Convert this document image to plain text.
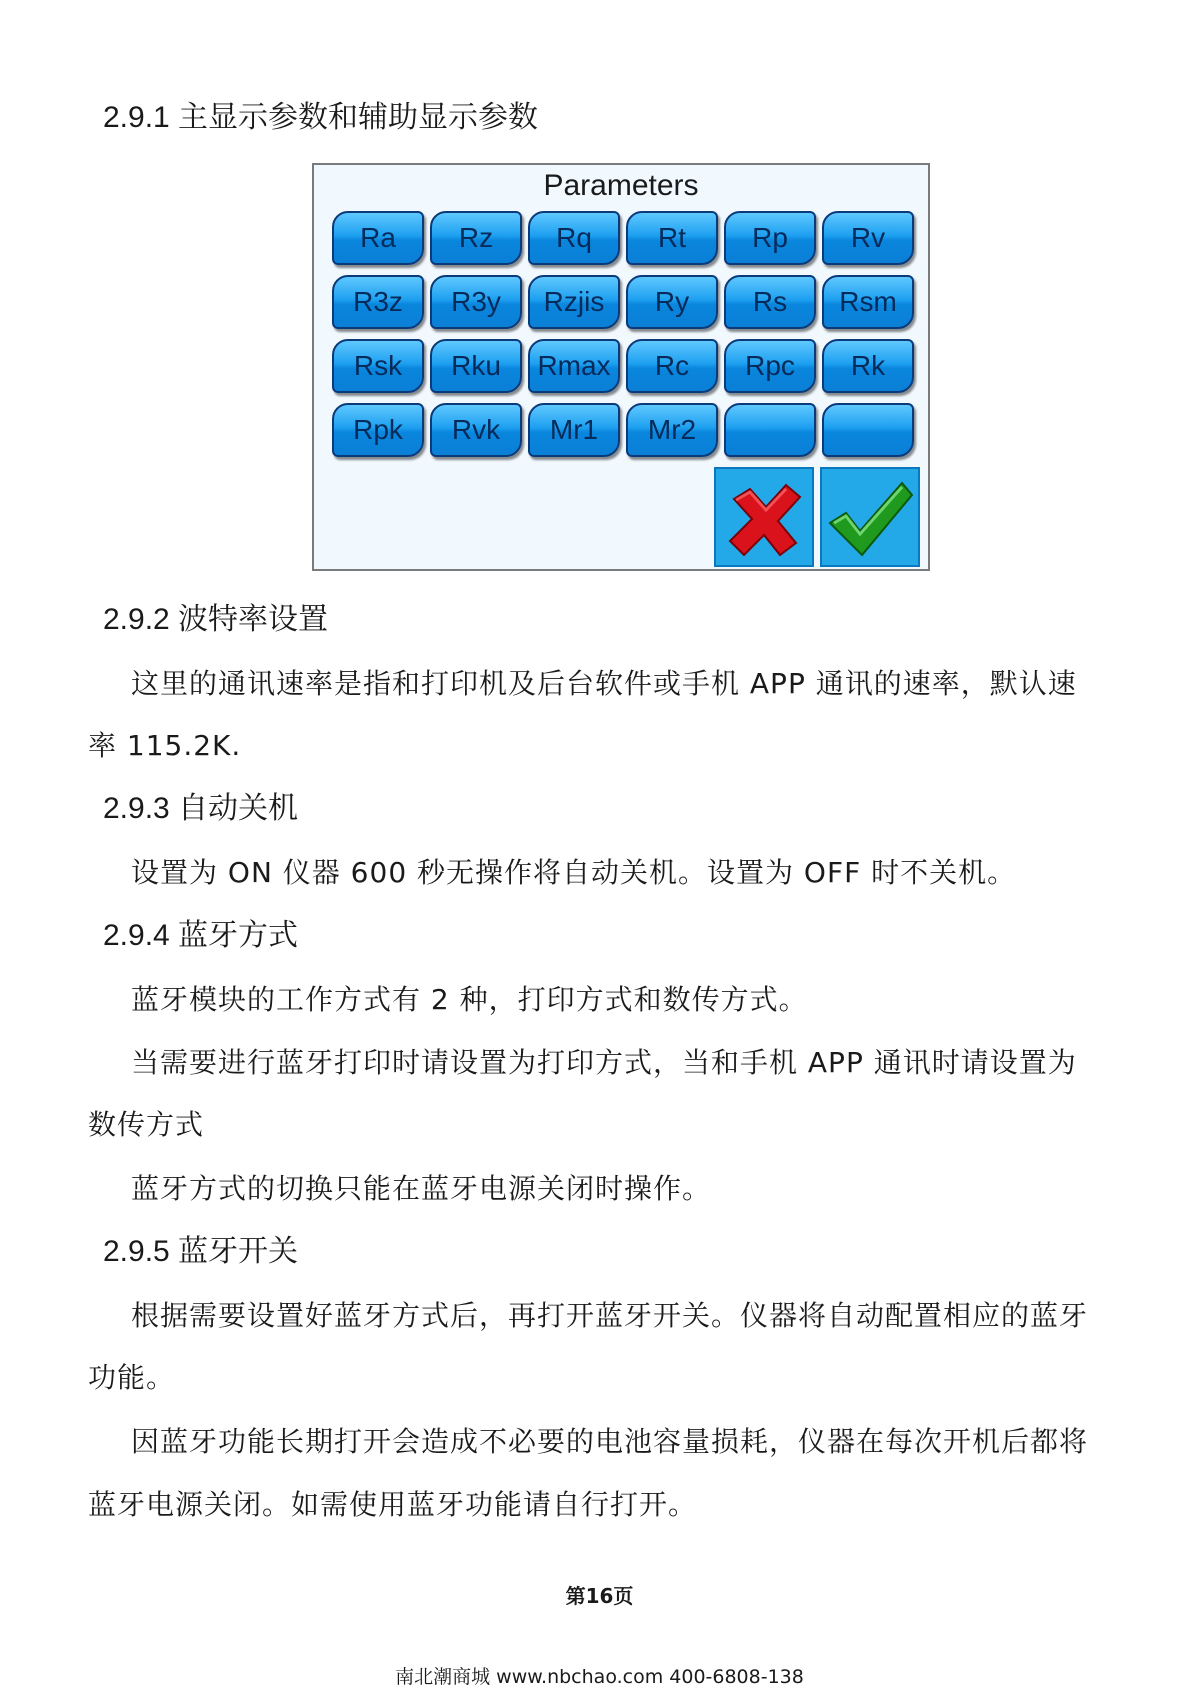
2.9.1 主显示参数和辅助显示参数
Parameters
Ra	Rz	Rq	Rt	Rp	Rv
R3z	R3y	Rzjis	Ry	Rs	Rsm
Rsk	Rku	Rmax	Rc	Rpc	Rk
Rpk	Rvk	Mr1	Mr2
2.9.2 波特率设置
这里的通讯速率是指和打印机及后台软件或手机 APP 通讯的速率，默认速
率 115.2K.
2.9.3 自动关机
设置为 ON 仪器 600 秒无操作将自动关机。设置为 OFF 时不关机。
2.9.4 蓝牙方式
蓝牙模块的工作方式有 2 种，打印方式和数传方式。
当需要进行蓝牙打印时请设置为打印方式，当和手机 APP 通讯时请设置为
数传方式
蓝牙方式的切换只能在蓝牙电源关闭时操作。
2.9.5 蓝牙开关
根据需要设置好蓝牙方式后，再打开蓝牙开关。仪器将自动配置相应的蓝牙
功能。
因蓝牙功能长期打开会造成不必要的电池容量损耗，仪器在每次开机后都将
蓝牙电源关闭。如需使用蓝牙功能请自行打开。
第16页
南北潮商城 www.nbchao.com 400-6808-138
